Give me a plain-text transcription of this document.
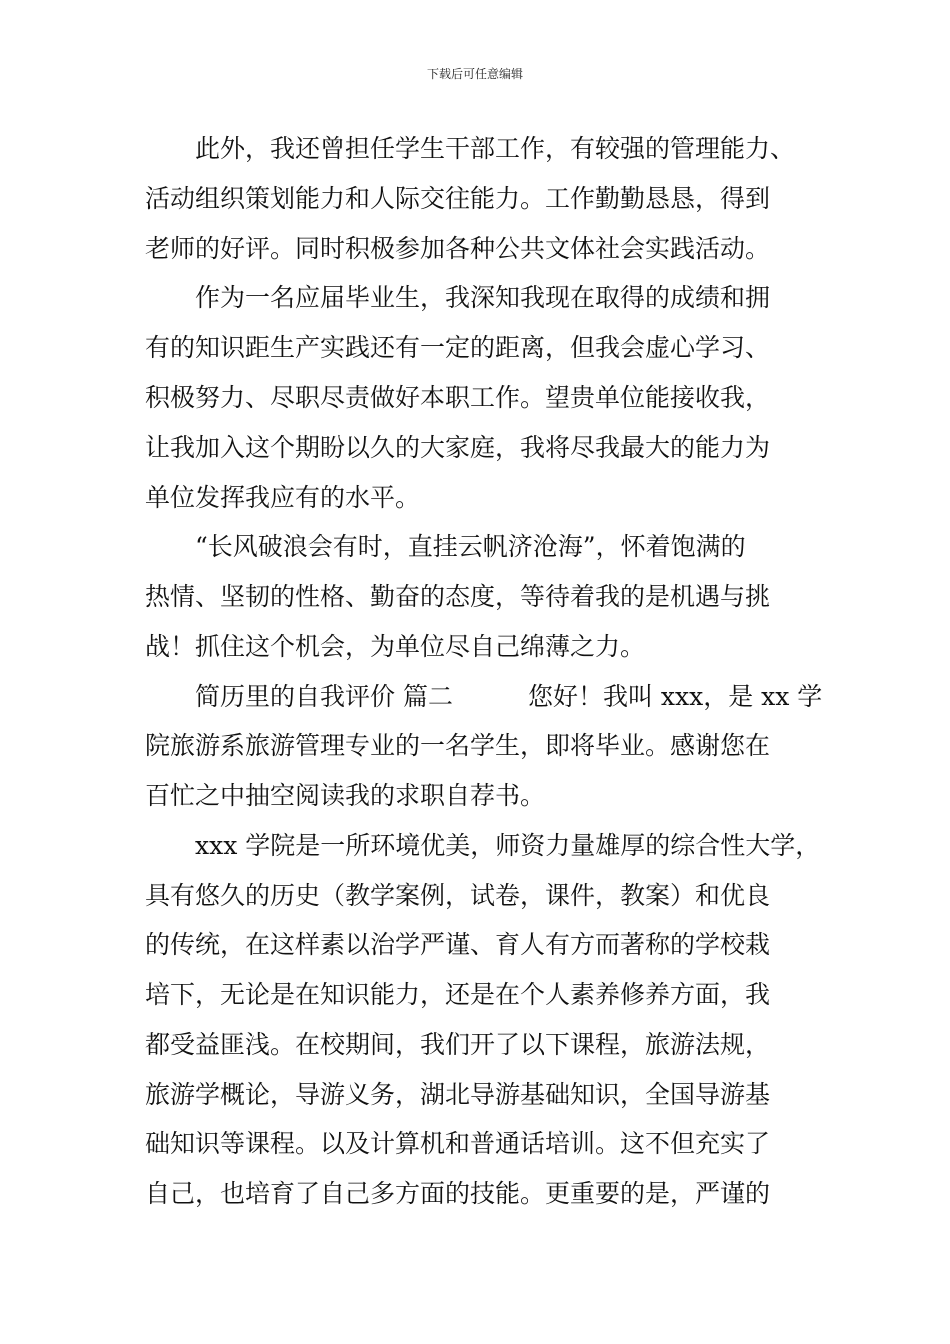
下载后可任意编辑
　　此外，我还曾担任学生干部工作，有较强的管理能力、
活动组织策划能力和人际交往能力。工作勤勤恳恳，得到
老师的好评。同时积极参加各种公共文体社会实践活动。
　　作为一名应届毕业生，我深知我现在取得的成绩和拥
有的知识距生产实践还有一定的距离，但我会虚心学习、
积极努力、尽职尽责做好本职工作。望贵单位能接收我，
让我加入这个期盼以久的大家庭，我将尽我最大的能力为
单位发挥我应有的水平。
　　“长风破浪会有时，直挂云帆济沧海”，怀着饱满的
热情、坚韧的性格、勤奋的态度，等待着我的是机遇与挑
战！抓住这个机会，为单位尽自己绵薄之力。
　　简历里的自我评价 篇二　　　您好！我叫 xxx，是 xx 学
院旅游系旅游管理专业的一名学生，即将毕业。感谢您在
百忙之中抽空阅读我的求职自荐书。
　　xxx 学院是一所环境优美，师资力量雄厚的综合性大学，
具有悠久的历史（教学案例，试卷，课件，教案）和优良
的传统，在这样素以治学严谨、育人有方而著称的学校栽
培下，无论是在知识能力，还是在个人素养修养方面，我
都受益匪浅。在校期间，我们开了以下课程，旅游法规，
旅游学概论，导游义务，湖北导游基础知识，全国导游基
础知识等课程。以及计算机和普通话培训。这不但充实了
自己，也培育了自己多方面的技能。更重要的是，严谨的
